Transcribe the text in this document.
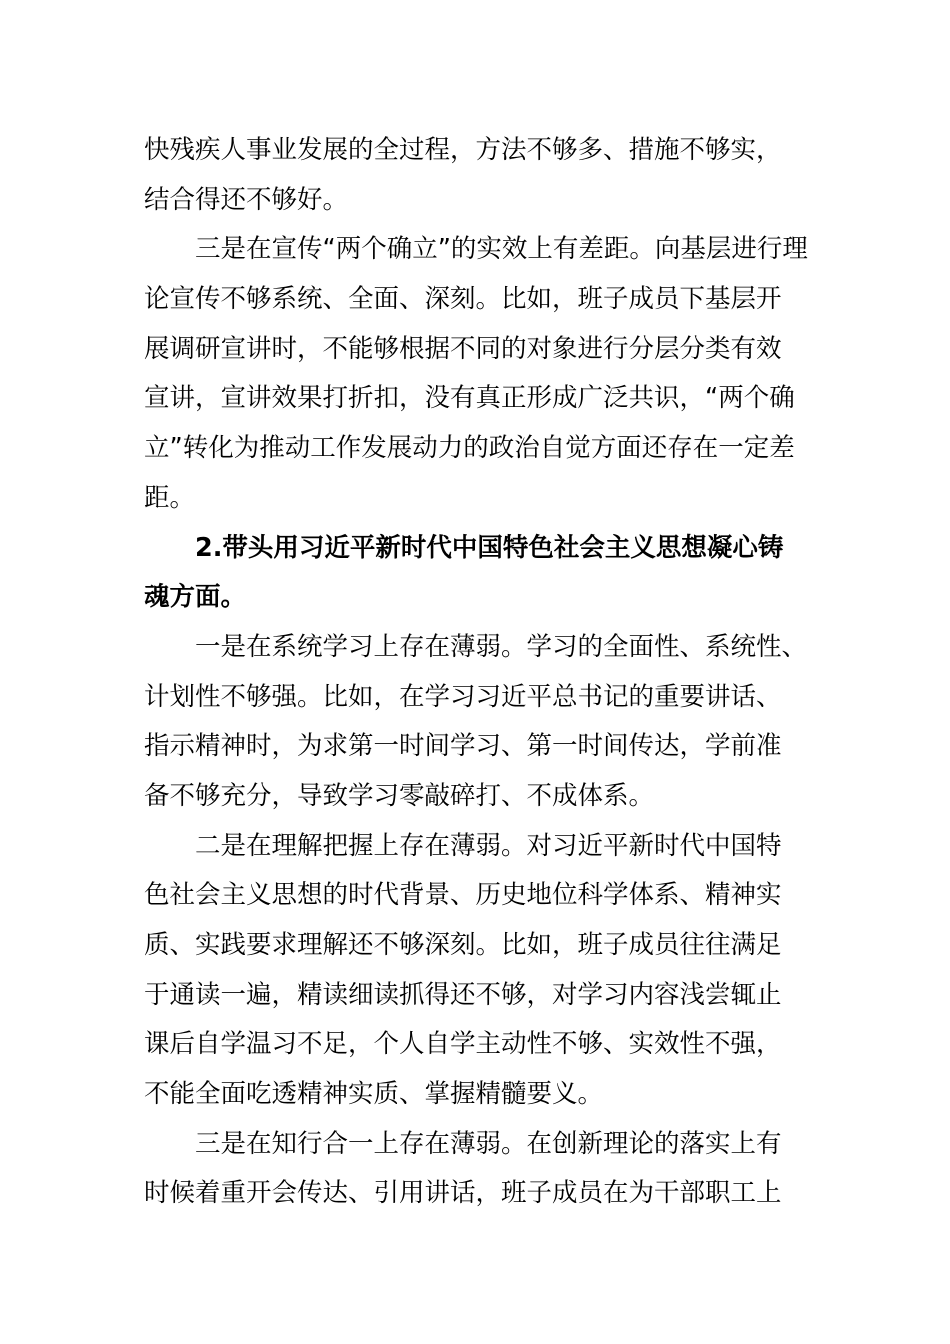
快残疾人事业发展的全过程，方法不够多、措施不够实，
结合得还不够好。
三是在宣传“两个确立”的实效上有差距。向基层进行理
论宣传不够系统、全面、深刻。比如，班子成员下基层开
展调研宣讲时，不能够根据不同的对象进行分层分类有效
宣讲，宣讲效果打折扣，没有真正形成广泛共识，“两个确
立”转化为推动工作发展动力的政治自觉方面还存在一定差
距。
2.带头用习近平新时代中国特色社会主义思想凝心铸
魂方面。
一是在系统学习上存在薄弱。学习的全面性、系统性、
计划性不够强。比如，在学习习近平总书记的重要讲话、
指示精神时，为求第一时间学习、第一时间传达，学前准
备不够充分，导致学习零敲碎打、不成体系。
二是在理解把握上存在薄弱。对习近平新时代中国特
色社会主义思想的时代背景、历史地位科学体系、精神实
质、实践要求理解还不够深刻。比如，班子成员往往满足
于通读一遍，精读细读抓得还不够，对学习内容浅尝辄止
课后自学温习不足，个人自学主动性不够、实效性不强，
不能全面吃透精神实质、掌握精髓要义。
三是在知行合一上存在薄弱。在创新理论的落实上有
时候着重开会传达、引用讲话，班子成员在为干部职工上
